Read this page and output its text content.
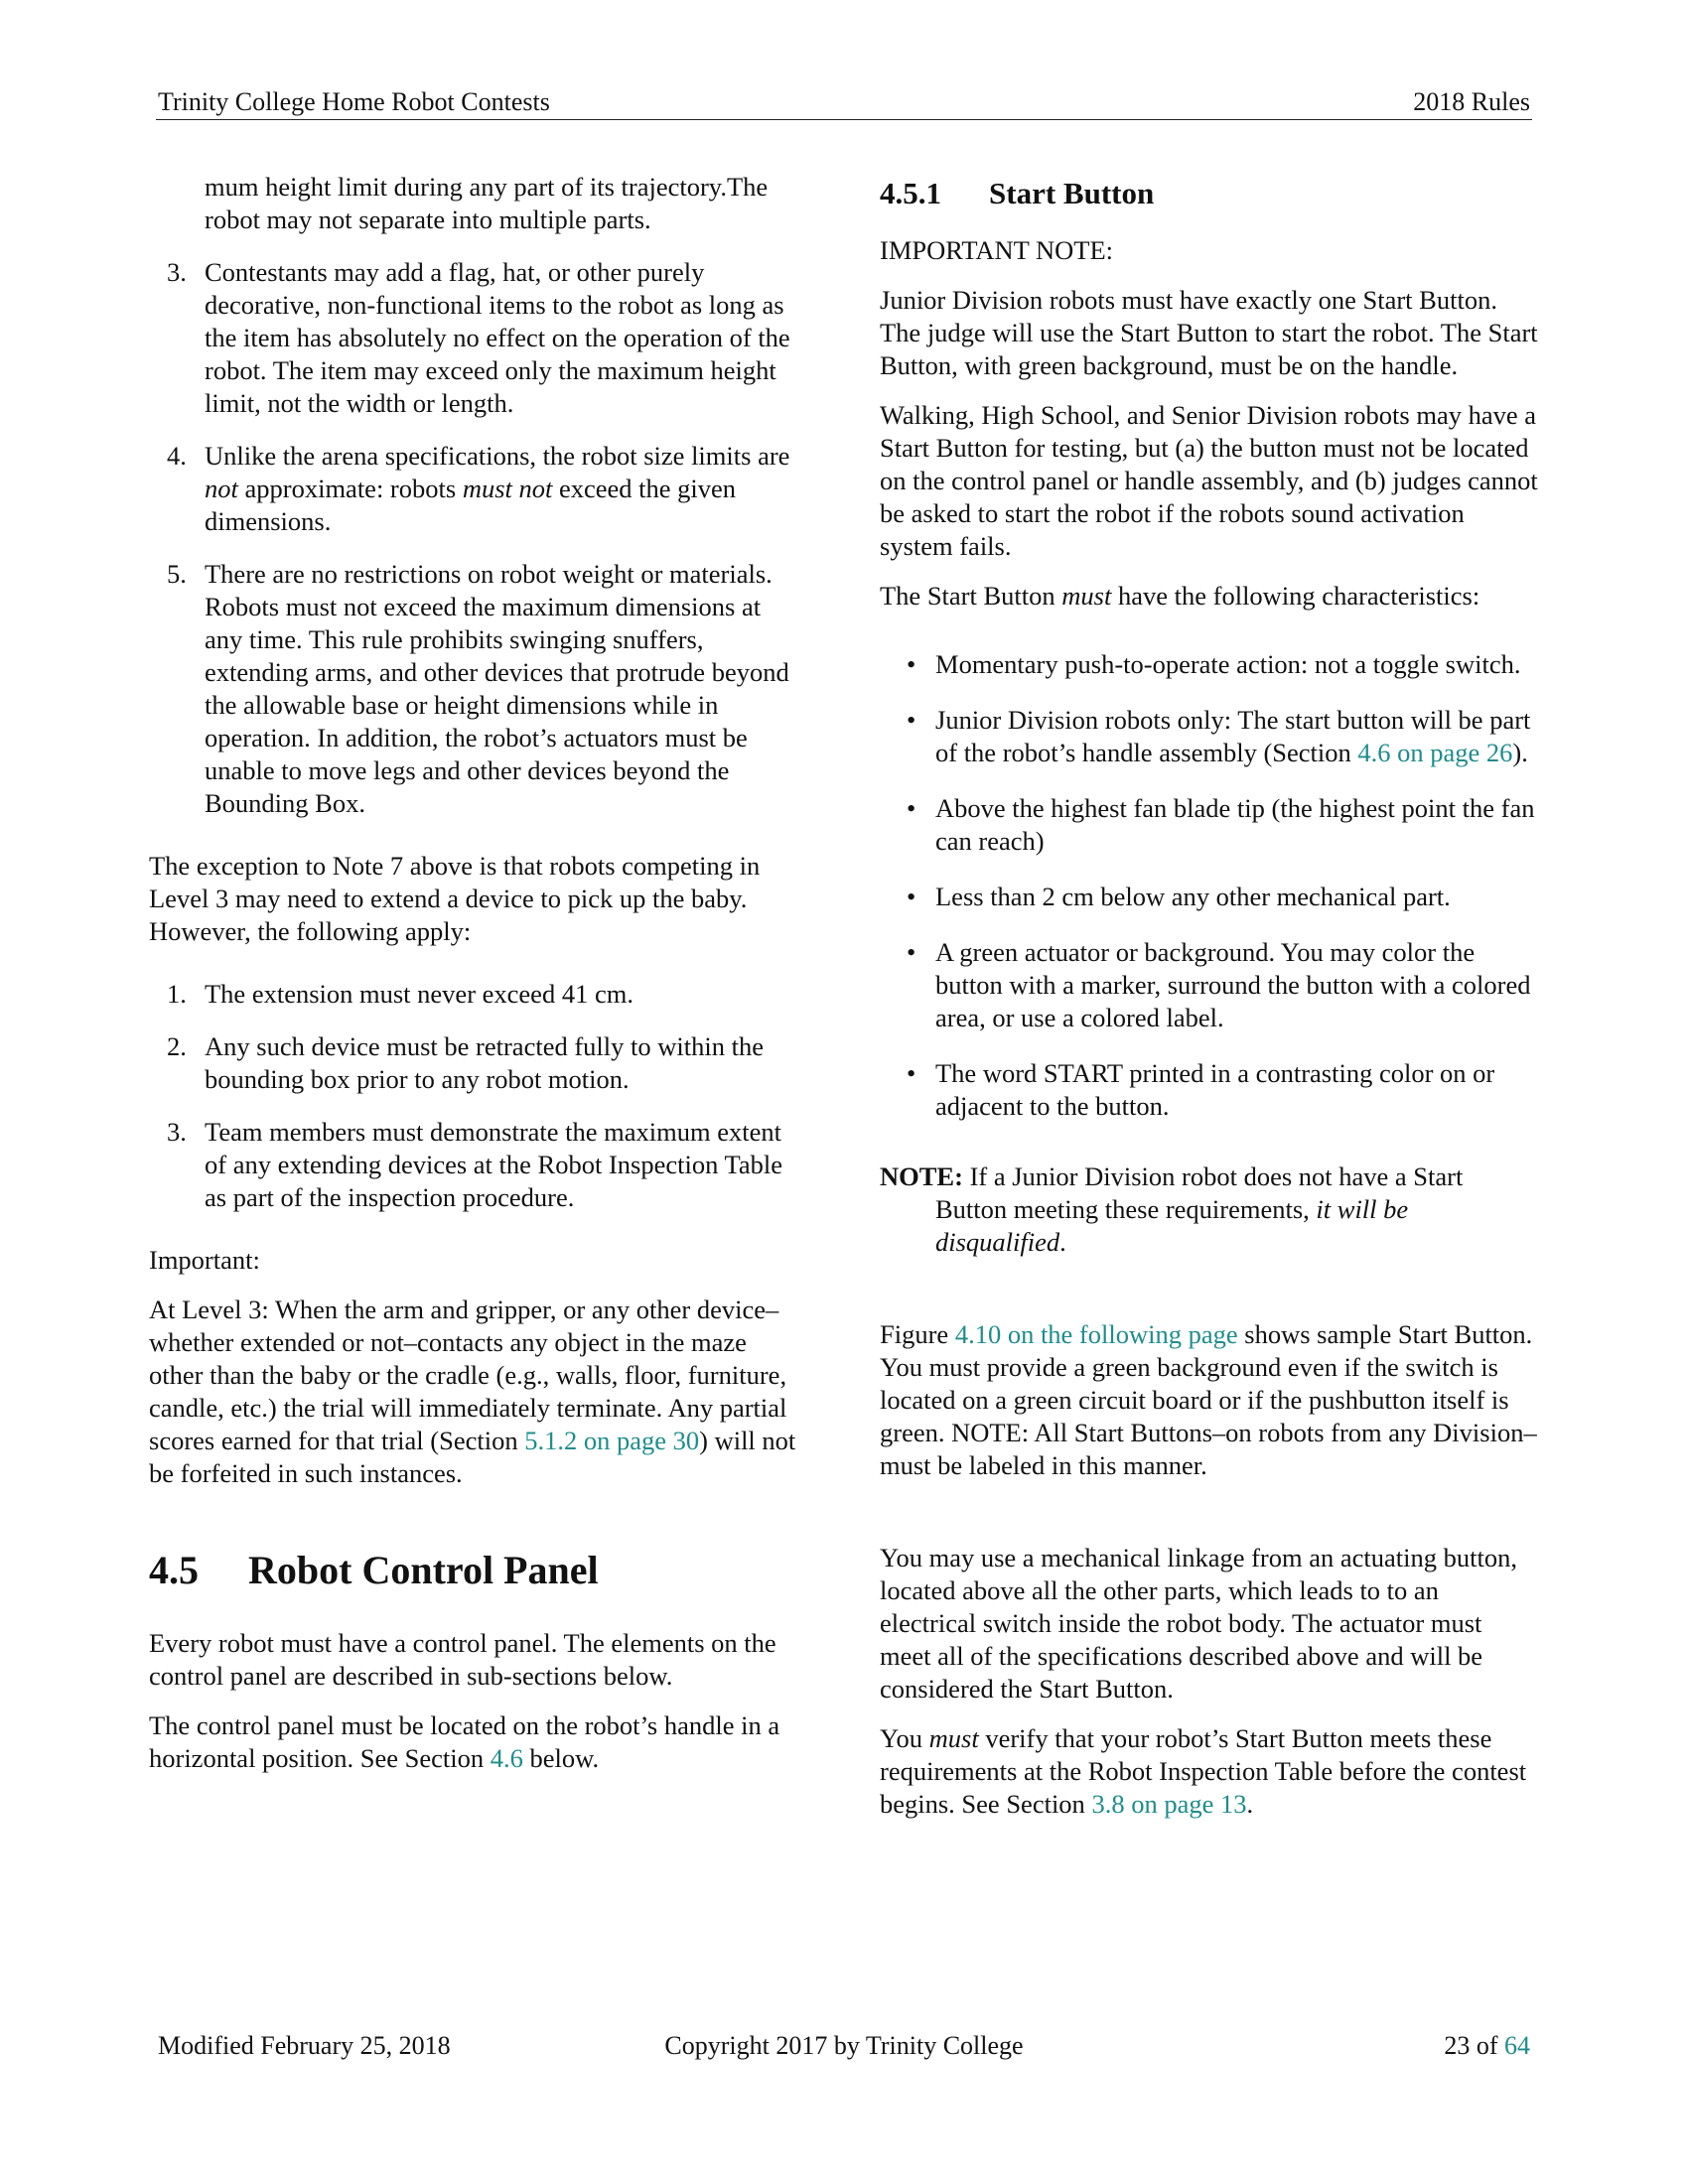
Trinity College Home Robot Contests	2018 Rules

mum height limit during any part of its trajectory.The robot may not separate into multiple parts.

3. Contestants may add a flag, hat, or other purely decorative, non-functional items to the robot as long as the item has absolutely no effect on the operation of the robot. The item may exceed only the maximum height limit, not the width or length.
4. Unlike the arena specifications, the robot size limits are not approximate: robots must not exceed the given dimensions.
5. There are no restrictions on robot weight or materials. Robots must not exceed the maximum dimensions at any time. This rule prohibits swinging snuffers, extending arms, and other devices that protrude beyond the allowable base or height dimensions while in operation. In addition, the robot’s actuators must be unable to move legs and other devices beyond the Bounding Box.

The exception to Note 7 above is that robots competing in Level 3 may need to extend a device to pick up the baby. However, the following apply:

1. The extension must never exceed 41 cm.
2. Any such device must be retracted fully to within the bounding box prior to any robot motion.
3. Team members must demonstrate the maximum extent of any extending devices at the Robot Inspection Table as part of the inspection procedure.

Important:

At Level 3: When the arm and gripper, or any other device–whether extended or not–contacts any object in the maze other than the baby or the cradle (e.g., walls, floor, furniture, candle, etc.) the trial will immediately terminate. Any partial scores earned for that trial (Section 5.1.2 on page 30) will not be forfeited in such instances.

4.5 Robot Control Panel

Every robot must have a control panel. The elements on the control panel are described in sub-sections below.

The control panel must be located on the robot’s handle in a horizontal position. See Section 4.6 below.

4.5.1 Start Button

IMPORTANT NOTE:

Junior Division robots must have exactly one Start Button. The judge will use the Start Button to start the robot. The Start Button, with green background, must be on the handle.

Walking, High School, and Senior Division robots may have a Start Button for testing, but (a) the button must not be located on the control panel or handle assembly, and (b) judges cannot be asked to start the robot if the robots sound activation system fails.

The Start Button must have the following characteristics:

• Momentary push-to-operate action: not a toggle switch.
• Junior Division robots only: The start button will be part of the robot’s handle assembly (Section 4.6 on page 26).
• Above the highest fan blade tip (the highest point the fan can reach)
• Less than 2 cm below any other mechanical part.
• A green actuator or background. You may color the button with a marker, surround the button with a colored area, or use a colored label.
• The word START printed in a contrasting color on or adjacent to the button.

NOTE: If a Junior Division robot does not have a Start Button meeting these requirements, it will be disqualified.

Figure 4.10 on the following page shows sample Start Button. You must provide a green background even if the switch is located on a green circuit board or if the pushbutton itself is green. NOTE: All Start Buttons–on robots from any Division–must be labeled in this manner.

You may use a mechanical linkage from an actuating button, located above all the other parts, which leads to to an electrical switch inside the robot body. The actuator must meet all of the specifications described above and will be considered the Start Button.

You must verify that your robot’s Start Button meets these requirements at the Robot Inspection Table before the contest begins. See Section 3.8 on page 13.

Modified February 25, 2018	Copyright 2017 by Trinity College	23 of 64
